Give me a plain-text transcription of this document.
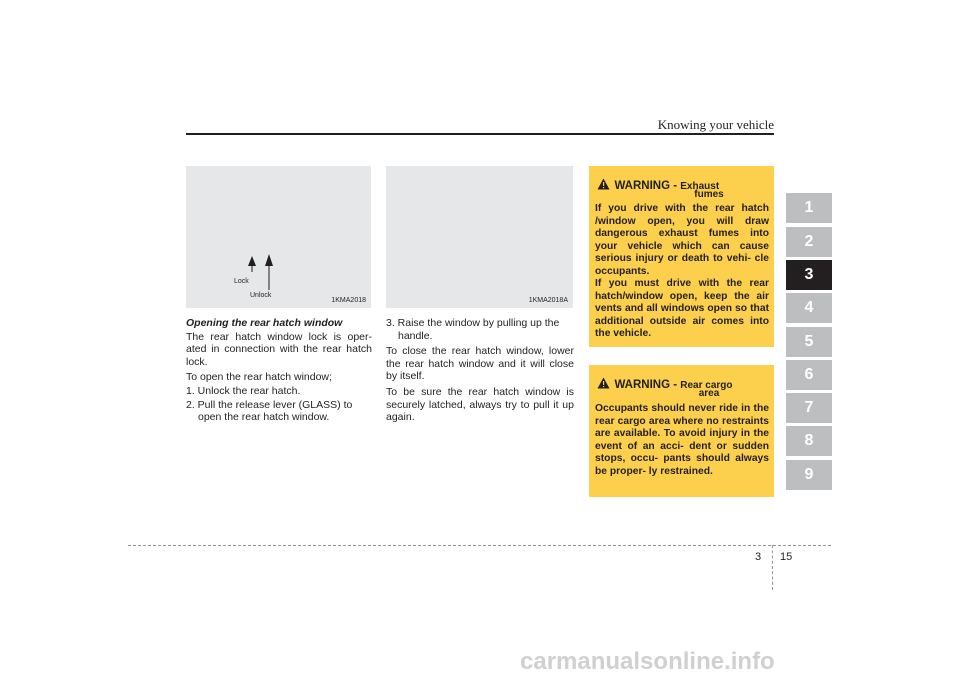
Knowing your vehicle
Lock
Unlock
1KMA2018	1KMA2018A

Opening the rear hatch window

The rear hatch window lock is oper- ated in connection with the rear hatch lock.

To open the rear hatch window;

1. Unlock the rear hatch.

2. Pull the release lever (GLASS) to open the rear hatch window.

3. Raise the window by pulling up the handle.

To close the rear hatch window, lower the rear hatch window and it will close by itself.

To be sure the rear hatch window is securely latched, always try to pull it up again.

WARNING - Exhaust
fumes

If you drive with the rear hatch /window open, you will draw dangerous exhaust fumes into your vehicle which can cause serious injury or death to vehi- cle occupants.

If you must drive with the rear hatch/window open, keep the air vents and all windows open so that additional outside air comes into the vehicle.

WARNING - Rear cargo
area

Occupants should never ride in the rear cargo area where no restraints are available. To avoid injury in the event of an acci- dent or sudden stops, occu- pants should always be proper- ly restrained.

1
2
3
4
5
6
7
8
9
3 15
carmanualsonline.info
